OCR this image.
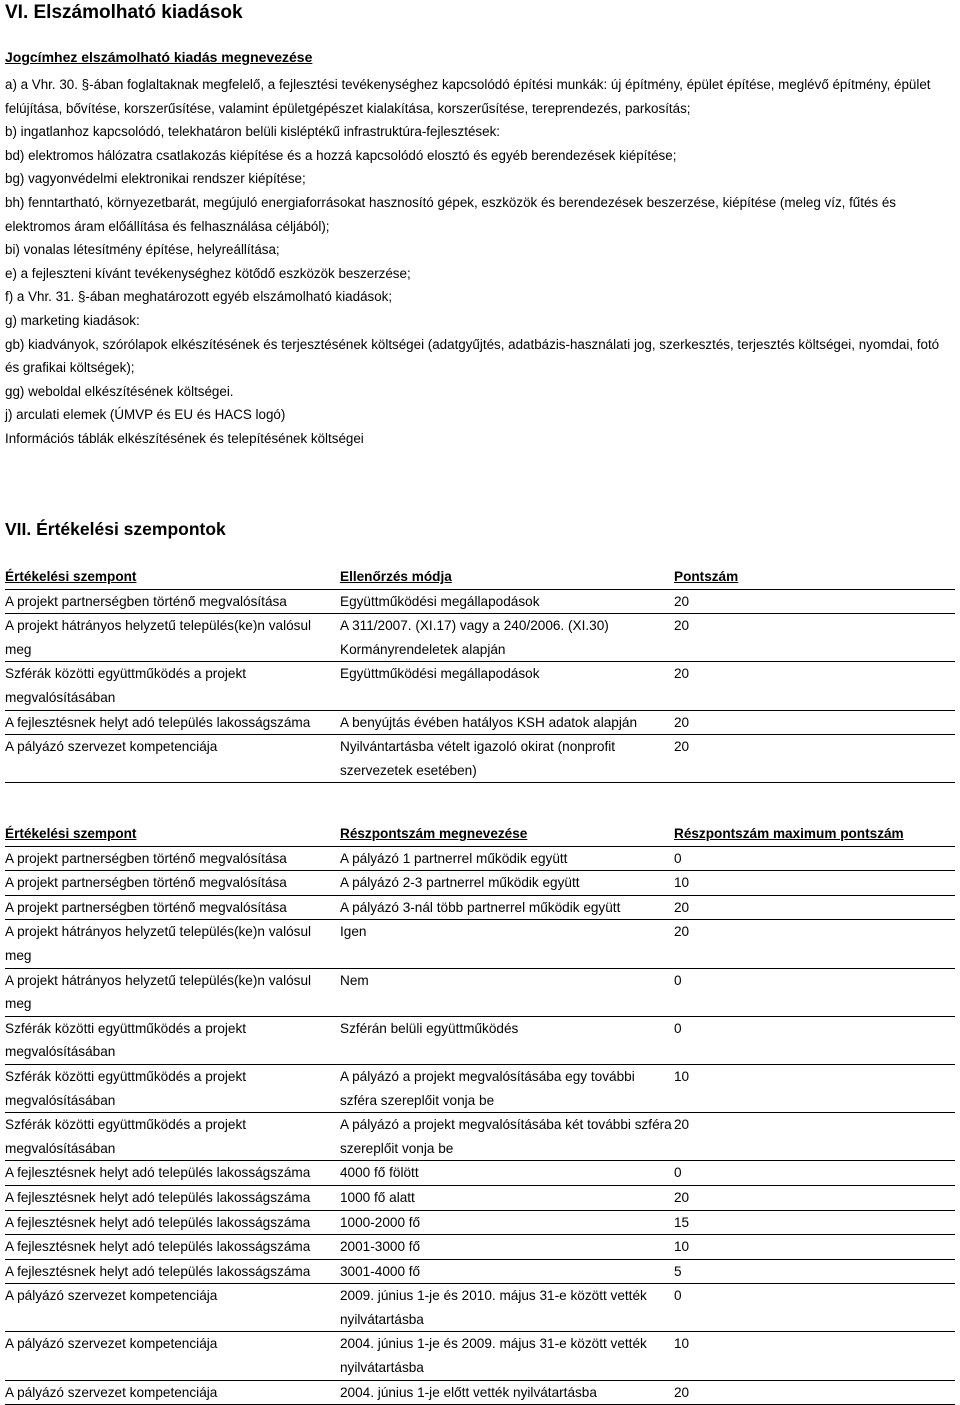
VI. Elszámolható kiadások
Jogcímhez elszámolható kiadás megnevezése
a) a Vhr. 30. §-ában foglaltaknak megfelelő, a fejlesztési tevékenységhez kapcsolódó építési munkák: új építmény, épület építése, meglévő építmény, épület felújítása, bővítése, korszerűsítése, valamint épületgépészet kialakítása, korszerűsítése, tereprendezés, parkosítás;
b) ingatlanhoz kapcsolódó, telekhatáron belüli kisléptékű infrastruktúra-fejlesztések:
bd) elektromos hálózatra csatlakozás kiépítése és a hozzá kapcsolódó elosztó és egyéb berendezések kiépítése;
bg) vagyonvédelmi elektronikai rendszer kiépítése;
bh) fenntartható, környezetbarát, megújuló energiaforrásokat hasznosító gépek, eszközök és berendezések beszerzése, kiépítése (meleg víz, fűtés és elektromos áram előállítása és felhasználása céljából);
bi) vonalas létesítmény építése, helyreállítása;
e) a fejleszteni kívánt tevékenységhez kötődő eszközök beszerzése;
f) a Vhr. 31. §-ában meghatározott egyéb elszámolható kiadások;
g) marketing kiadások:
gb) kiadványok, szórólapok elkészítésének és terjesztésének költségei (adatgyűjtés, adatbázis-használati jog, szerkesztés, terjesztés költségei, nyomdai, fotó és grafikai költségek);
gg) weboldal elkészítésének költségei.
j) arculati elemek (ÚMVP és EU és HACS logó)
Információs táblák elkészítésének és telepítésének költségei
VII. Értékelési szempontok
Értékelési szempont	Ellenőrzés módja	Pontszám
A projekt partnerségben történő megvalósítása	Együttműködési megállapodások	20
A projekt hátrányos helyzetű település(ke)n valósul meg	A 311/2007. (XI.17) vagy a 240/2006. (XI.30) Kormányrendeletek alapján	20
Szférák közötti együttműködés a projekt megvalósításában	Együttműködési megállapodások	20
A fejlesztésnek helyt adó település lakosságszáma	A benyújtás évében hatályos KSH adatok alapján	20
A pályázó szervezet kompetenciája	Nyilvántartásba vételt igazoló okirat (nonprofit szervezetek esetében)	20
Értékelési szempont	Részpontszám megnevezése	Részpontszám maximum pontszám
A projekt partnerségben történő megvalósítása	A pályázó 1 partnerrel működik együtt	0
A projekt partnerségben történő megvalósítása	A pályázó 2-3 partnerrel működik együtt	10
A projekt partnerségben történő megvalósítása	A pályázó 3-nál több partnerrel működik együtt	20
A projekt hátrányos helyzetű település(ke)n valósul meg	Igen	20
A projekt hátrányos helyzetű település(ke)n valósul meg	Nem	0
Szférák közötti együttműködés a projekt megvalósításában	Szférán belüli együttműködés	0
Szférák közötti együttműködés a projekt megvalósításában	A pályázó a projekt megvalósításába egy további szféra szereplőit vonja be	10
Szférák közötti együttműködés a projekt megvalósításában	A pályázó a projekt megvalósításába két további szféra szereplőit vonja be	20
A fejlesztésnek helyt adó település lakosságszáma	4000 fő fölött	0
A fejlesztésnek helyt adó település lakosságszáma	1000 fő alatt	20
A fejlesztésnek helyt adó település lakosságszáma	1000-2000 fő	15
A fejlesztésnek helyt adó település lakosságszáma	2001-3000 fő	10
A fejlesztésnek helyt adó település lakosságszáma	3001-4000 fő	5
A pályázó szervezet kompetenciája	2009. június 1-je és 2010. május 31-e között vették nyilvátartásba	0
A pályázó szervezet kompetenciája	2004. június 1-je és 2009. május 31-e között vették nyilvátartásba	10
A pályázó szervezet kompetenciája	2004. június 1-je előtt vették nyilvátartásba	20
